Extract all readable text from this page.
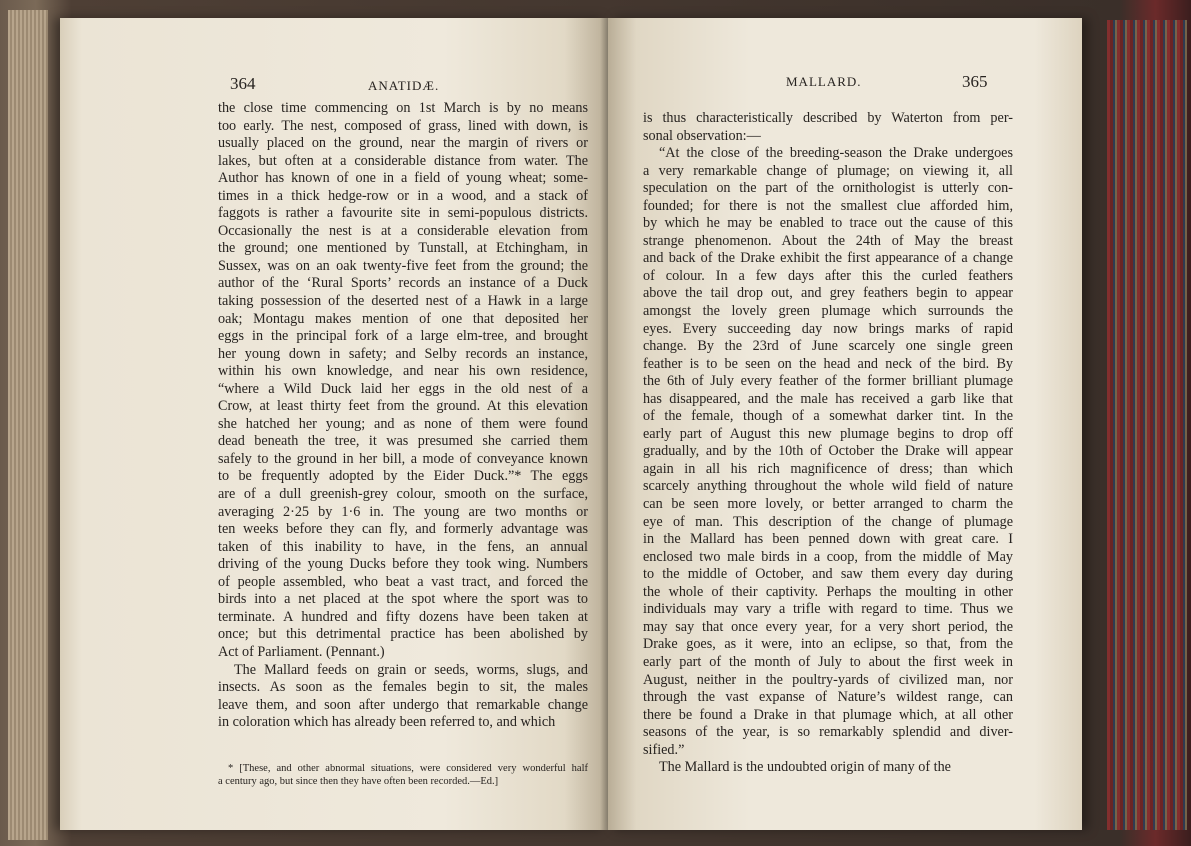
364	ANATIDÆ.

the close time commencing on 1st March is by no means

too early. The nest, composed of grass, lined with down, is

usually placed on the ground, near the margin of rivers or

lakes, but often at a considerable distance from water. The

Author has known of one in a field of young wheat; some-

times in a thick hedge-row or in a wood, and a stack of

faggots is rather a favourite site in semi-populous districts.

Occasionally the nest is at a considerable elevation from

the ground; one mentioned by Tunstall, at Etchingham, in

Sussex, was on an oak twenty-five feet from the ground; the

author of the ‘Rural Sports’ records an instance of a Duck

taking possession of the deserted nest of a Hawk in a large

oak; Montagu makes mention of one that deposited her

eggs in the principal fork of a large elm-tree, and brought

her young down in safety; and Selby records an instance,

within his own knowledge, and near his own residence,

“where a Wild Duck laid her eggs in the old nest of a

Crow, at least thirty feet from the ground. At this elevation

she hatched her young; and as none of them were found

dead beneath the tree, it was presumed she carried them

safely to the ground in her bill, a mode of conveyance known

to be frequently adopted by the Eider Duck.”* The eggs

are of a dull greenish-grey colour, smooth on the surface,

averaging 2·25 by 1·6 in. The young are two months or

ten weeks before they can fly, and formerly advantage was

taken of this inability to have, in the fens, an annual

driving of the young Ducks before they took wing. Numbers

of people assembled, who beat a vast tract, and forced the

birds into a net placed at the spot where the sport was to

terminate. A hundred and fifty dozens have been taken at

once; but this detrimental practice has been abolished by

Act of Parliament. (Pennant.)

The Mallard feeds on grain or seeds, worms, slugs, and

insects. As soon as the females begin to sit, the males

leave them, and soon after undergo that remarkable change

in coloration which has already been referred to, and which

* [These, and other abnormal situations, were considered very wonderful half
a century ago, but since then they have often been recorded.—Ed.]
MALLARD.	365

is thus characteristically described by Waterton from per-

sonal observation:—

“At the close of the breeding-season the Drake undergoes

a very remarkable change of plumage; on viewing it, all

speculation on the part of the ornithologist is utterly con-

founded; for there is not the smallest clue afforded him,

by which he may be enabled to trace out the cause of this

strange phenomenon. About the 24th of May the breast

and back of the Drake exhibit the first appearance of a change

of colour. In a few days after this the curled feathers

above the tail drop out, and grey feathers begin to appear

amongst the lovely green plumage which surrounds the

eyes. Every succeeding day now brings marks of rapid

change. By the 23rd of June scarcely one single green

feather is to be seen on the head and neck of the bird. By

the 6th of July every feather of the former brilliant plumage

has disappeared, and the male has received a garb like that

of the female, though of a somewhat darker tint. In the

early part of August this new plumage begins to drop off

gradually, and by the 10th of October the Drake will appear

again in all his rich magnificence of dress; than which

scarcely anything throughout the whole wild field of nature

can be seen more lovely, or better arranged to charm the

eye of man. This description of the change of plumage

in the Mallard has been penned down with great care. I

enclosed two male birds in a coop, from the middle of May

to the middle of October, and saw them every day during

the whole of their captivity. Perhaps the moulting in other

individuals may vary a trifle with regard to time. Thus we

may say that once every year, for a very short period, the

Drake goes, as it were, into an eclipse, so that, from the

early part of the month of July to about the first week in

August, neither in the poultry-yards of civilized man, nor

through the vast expanse of Nature’s wildest range, can

there be found a Drake in that plumage which, at all other

seasons of the year, is so remarkably splendid and diver-

sified.”

The Mallard is the undoubted origin of many of the
